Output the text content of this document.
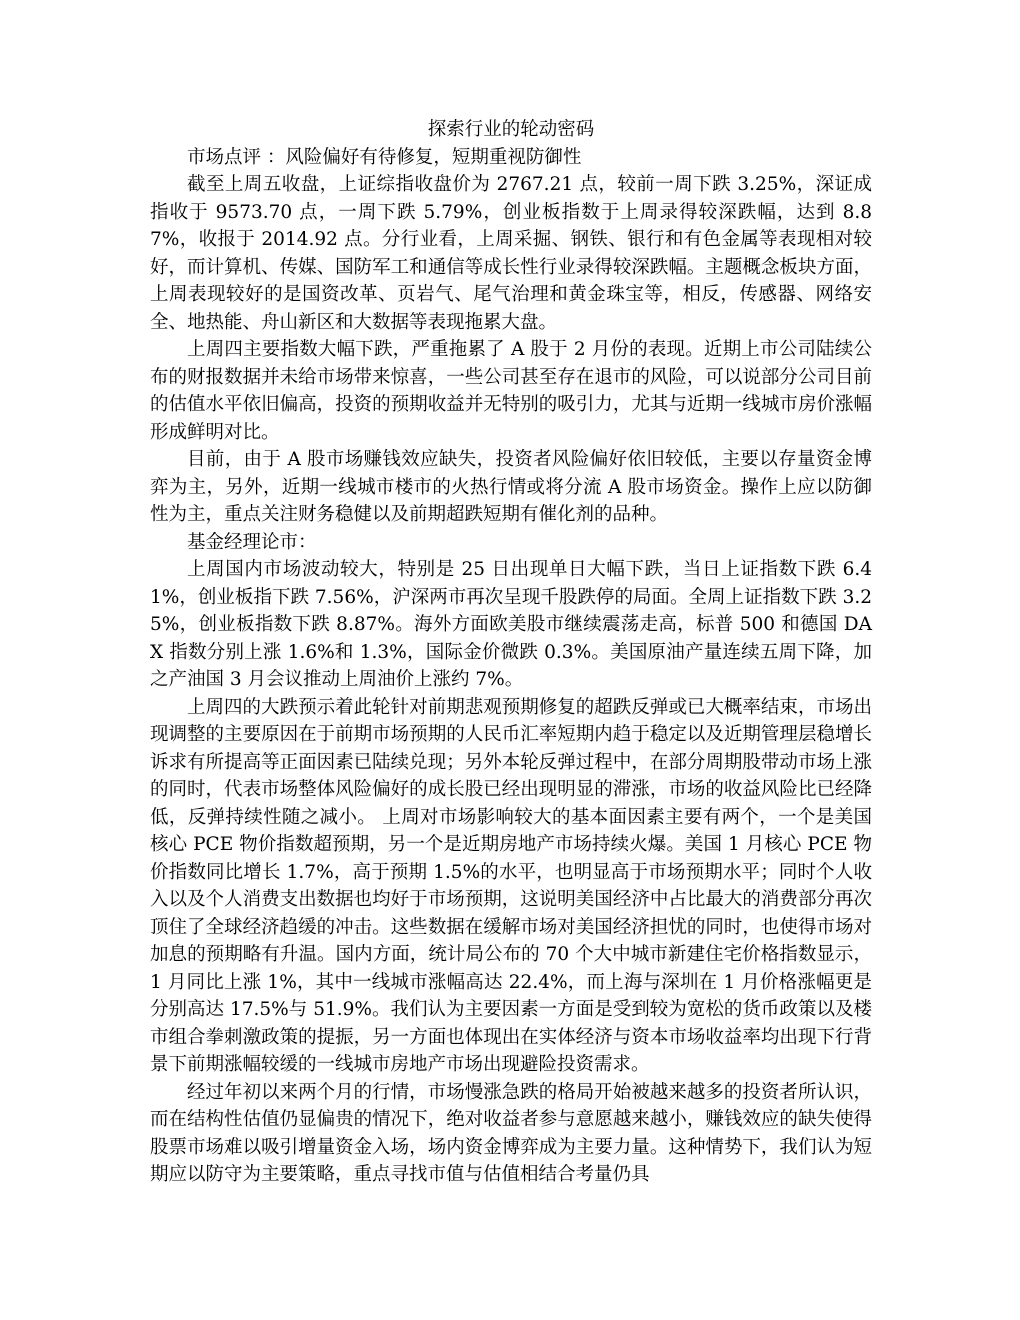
探索行业的轮动密码

市场点评 ：风险偏好有待修复，短期重视防御性

截至上周五收盘，上证综指收盘价为 2767.21 点，较前一周下跌 3.25%，深证成指收于 9573.70 点，一周下跌 5.79%，创业板指数于上周录得较深跌幅，达到 8.87%，收报于 2014.92 点。分行业看，上周采掘、钢铁、银行和有色金属等表现相对较好，而计算机、传媒、国防军工和通信等成长性行业录得较深跌幅。主题概念板块方面，上周表现较好的是国资改革、页岩气、尾气治理和黄金珠宝等，相反，传感器、网络安全、地热能、舟山新区和大数据等表现拖累大盘。

上周四主要指数大幅下跌，严重拖累了 A 股于 2 月份的表现。近期上市公司陆续公布的财报数据并未给市场带来惊喜，一些公司甚至存在退市的风险，可以说部分公司目前的估值水平依旧偏高，投资的预期收益并无特别的吸引力，尤其与近期一线城市房价涨幅形成鲜明对比。

目前，由于 A 股市场赚钱效应缺失，投资者风险偏好依旧较低，主要以存量资金博弈为主，另外，近期一线城市楼市的火热行情或将分流 A 股市场资金。操作上应以防御性为主，重点关注财务稳健以及前期超跌短期有催化剂的品种。

基金经理论市：

上周国内市场波动较大，特别是 25 日出现单日大幅下跌，当日上证指数下跌 6.41%，创业板指下跌 7.56%，沪深两市再次呈现千股跌停的局面。全周上证指数下跌 3.25%，创业板指数下跌 8.87%。海外方面欧美股市继续震荡走高，标普 500 和德国 DAX 指数分别上涨 1.6%和 1.3%，国际金价微跌 0.3%。美国原油产量连续五周下降，加之产油国 3 月会议推动上周油价上涨约 7%。

上周四的大跌预示着此轮针对前期悲观预期修复的超跌反弹或已大概率结束，市场出现调整的主要原因在于前期市场预期的人民币汇率短期内趋于稳定以及近期管理层稳增长诉求有所提高等正面因素已陆续兑现；另外本轮反弹过程中，在部分周期股带动市场上涨的同时，代表市场整体风险偏好的成长股已经出现明显的滞涨，市场的收益风险比已经降低，反弹持续性随之减小。 上周对市场影响较大的基本面因素主要有两个，一个是美国核心 PCE 物价指数超预期，另一个是近期房地产市场持续火爆。美国 1 月核心 PCE 物价指数同比增长 1.7%，高于预期 1.5%的水平，也明显高于市场预期水平；同时个人收入以及个人消费支出数据也均好于市场预期，这说明美国经济中占比最大的消费部分再次顶住了全球经济趋缓的冲击。这些数据在缓解市场对美国经济担忧的同时，也使得市场对加息的预期略有升温。国内方面，统计局公布的 70 个大中城市新建住宅价格指数显示，1 月同比上涨 1%，其中一线城市涨幅高达 22.4%，而上海与深圳在 1 月价格涨幅更是分别高达 17.5%与 51.9%。我们认为主要因素一方面是受到较为宽松的货币政策以及楼市组合拳刺激政策的提振，另一方面也体现出在实体经济与资本市场收益率均出现下行背景下前期涨幅较缓的一线城市房地产市场出现避险投资需求。

经过年初以来两个月的行情，市场慢涨急跌的格局开始被越来越多的投资者所认识，而在结构性估值仍显偏贵的情况下，绝对收益者参与意愿越来越小，赚钱效应的缺失使得股票市场难以吸引增量资金入场，场内资金博弈成为主要力量。这种情势下，我们认为短期应以防守为主要策略，重点寻找市值与估值相结合考量仍具
